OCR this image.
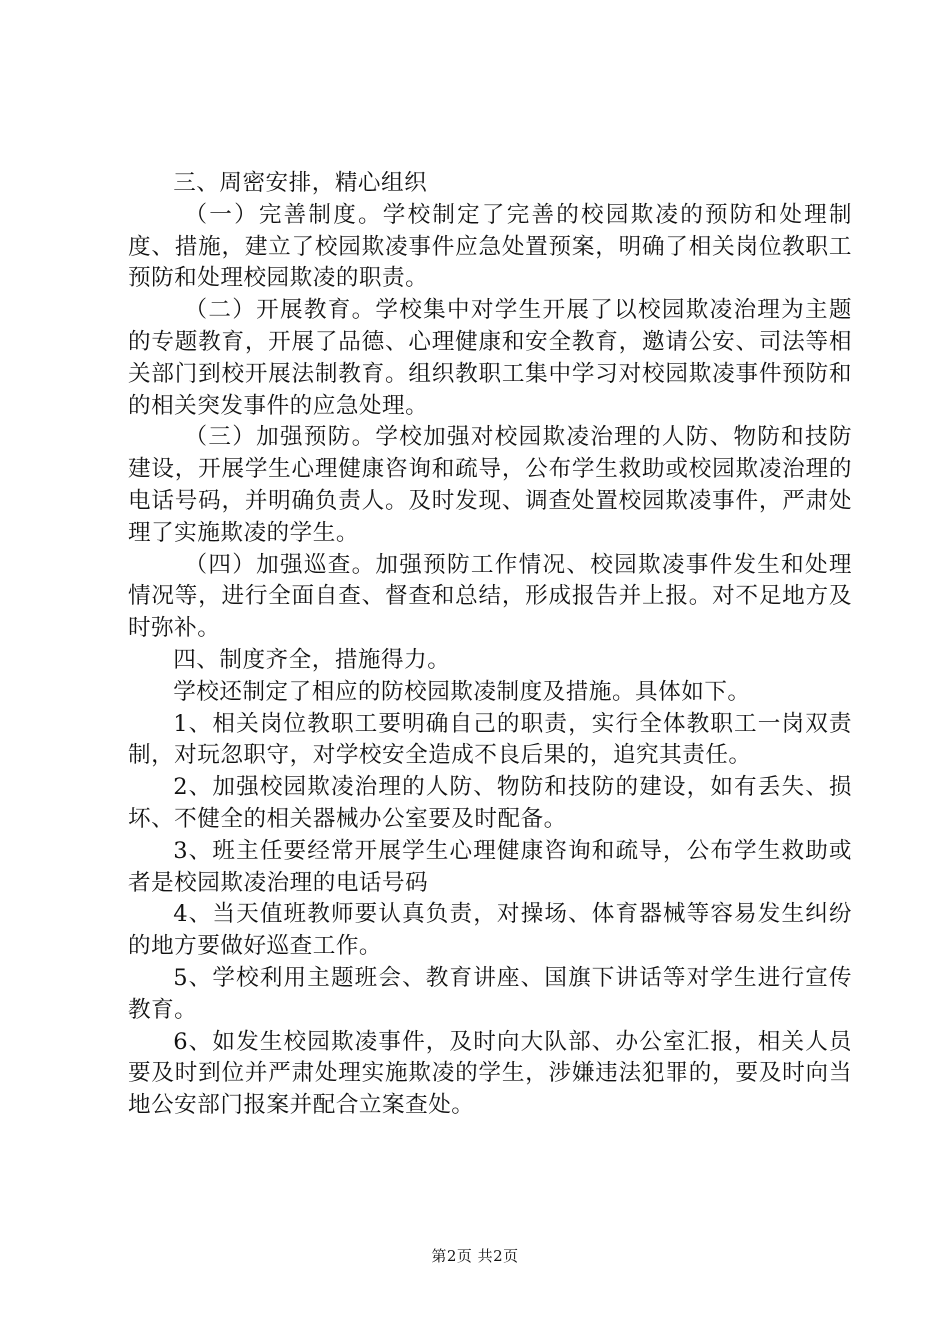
三、周密安排，精心组织

（一）完善制度。学校制定了完善的校园欺凌的预防和处理制度、措施，建立了校园欺凌事件应急处置预案，明确了相关岗位教职工预防和处理校园欺凌的职责。

（二）开展教育。学校集中对学生开展了以校园欺凌治理为主题的专题教育，开展了品德、心理健康和安全教育，邀请公安、司法等相关部门到校开展法制教育。组织教职工集中学习对校园欺凌事件预防和的相关突发事件的应急处理。

（三）加强预防。学校加强对校园欺凌治理的人防、物防和技防建设，开展学生心理健康咨询和疏导，公布学生救助或校园欺凌治理的电话号码，并明确负责人。及时发现、调查处置校园欺凌事件，严肃处理了实施欺凌的学生。

（四）加强巡查。加强预防工作情况、校园欺凌事件发生和处理情况等，进行全面自查、督查和总结，形成报告并上报。对不足地方及时弥补。

四、制度齐全，措施得力。

学校还制定了相应的防校园欺凌制度及措施。具体如下。

1、相关岗位教职工要明确自己的职责，实行全体教职工一岗双责制，对玩忽职守，对学校安全造成不良后果的，追究其责任。

2、加强校园欺凌治理的人防、物防和技防的建设，如有丢失、损坏、不健全的相关器械办公室要及时配备。

3、班主任要经常开展学生心理健康咨询和疏导，公布学生救助或者是校园欺凌治理的电话号码

4、当天值班教师要认真负责，对操场、体育器械等容易发生纠纷的地方要做好巡查工作。

5、学校利用主题班会、教育讲座、国旗下讲话等对学生进行宣传教育。

6、如发生校园欺凌事件，及时向大队部、办公室汇报，相关人员要及时到位并严肃处理实施欺凌的学生，涉嫌违法犯罪的，要及时向当地公安部门报案并配合立案查处。

第2页 共2页
